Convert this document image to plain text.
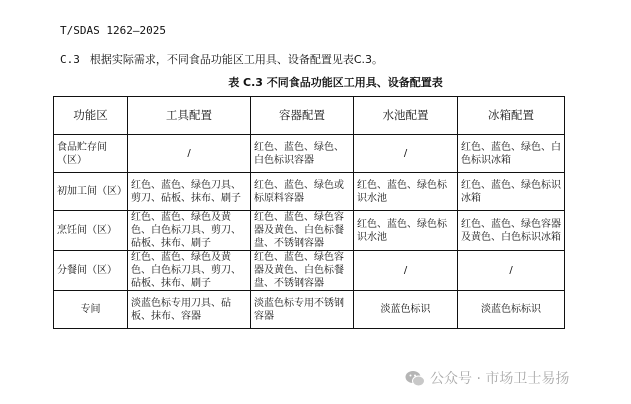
T/SDAS 1262—2025
C.3 根据实际需求，不同食品功能区工用具、设备配置见表C.3。
表 C.3 不同食品功能区工用具、设备配置表
功能区	工具配置	容器配置	水池配置	冰箱配置
食品贮存间（区）	/	红色、蓝色、绿色、白色标识容器	/	红色、蓝色、绿色、白色标识冰箱
初加工间（区）	红色、蓝色、绿色刀具、剪刀、砧板、抹布、刷子	红色、蓝色、绿色或标原料容器	红色、蓝色、绿色标识水池	红色、蓝色、绿色标识冰箱
烹饪间（区）	红色、蓝色、绿色及黄色、白色标刀具、剪刀、砧板、抹布、刷子	红色、蓝色、绿色容器及黄色、白色标餐盘、不锈钢容器	红色、蓝色、绿色标识水池	红色、蓝色、绿色容器及黄色、白色标识冰箱
分餐间（区）	红色、蓝色、绿色及黄色、白色标刀具、剪刀、砧板、抹布、刷子	红色、蓝色、绿色容器及黄色、白色标餐盘、不锈钢容器	/	/
专间	淡蓝色标专用刀具、砧板、抹布、容器	淡蓝色标专用不锈钢容器	淡蓝色标识	淡蓝色标标识
公众号 · 市场卫士易扬
